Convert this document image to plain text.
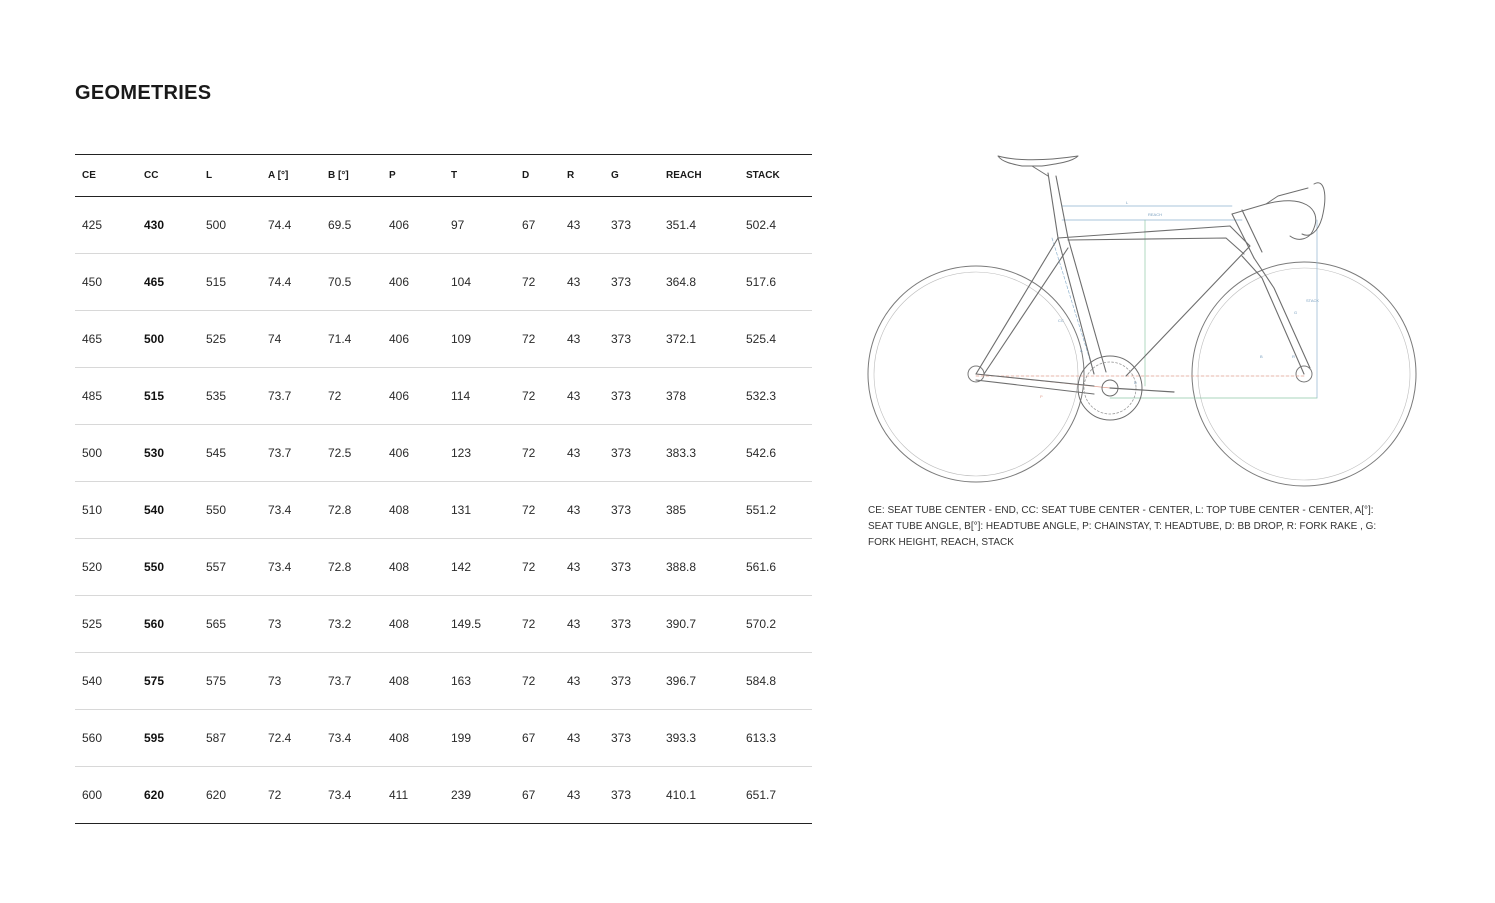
GEOMETRIES
CE	CC	L	A [°]	B [°]	P	T	D	R	G	REACH	STACK
425	430	500	74.4	69.5	406	97	67	43	373	351.4	502.4
450	465	515	74.4	70.5	406	104	72	43	373	364.8	517.6
465	500	525	74	71.4	406	109	72	43	373	372.1	525.4
485	515	535	73.7	72	406	114	72	43	373	378	532.3
500	530	545	73.7	72.5	406	123	72	43	373	383.3	542.6
510	540	550	73.4	72.8	408	131	72	43	373	385	551.2
520	550	557	73.4	72.8	408	142	72	43	373	388.8	561.6
525	560	565	73	73.2	408	149.5	72	43	373	390.7	570.2
540	575	575	73	73.7	408	163	72	43	373	396.7	584.8
560	595	587	72.4	73.4	408	199	67	43	373	393.3	613.3
600	620	620	72	73.4	411	239	67	43	373	410.1	651.7
L
REACH
STACK
CC
A
B
P
D
R
G

CE: SEAT TUBE CENTER - END, CC: SEAT TUBE CENTER - CENTER, L: TOP TUBE CENTER - CENTER, A[°]: SEAT TUBE ANGLE, B[°]: HEADTUBE ANGLE, P: CHAINSTAY, T: HEADTUBE, D: BB DROP, R: FORK RAKE , G: FORK HEIGHT, REACH, STACK
